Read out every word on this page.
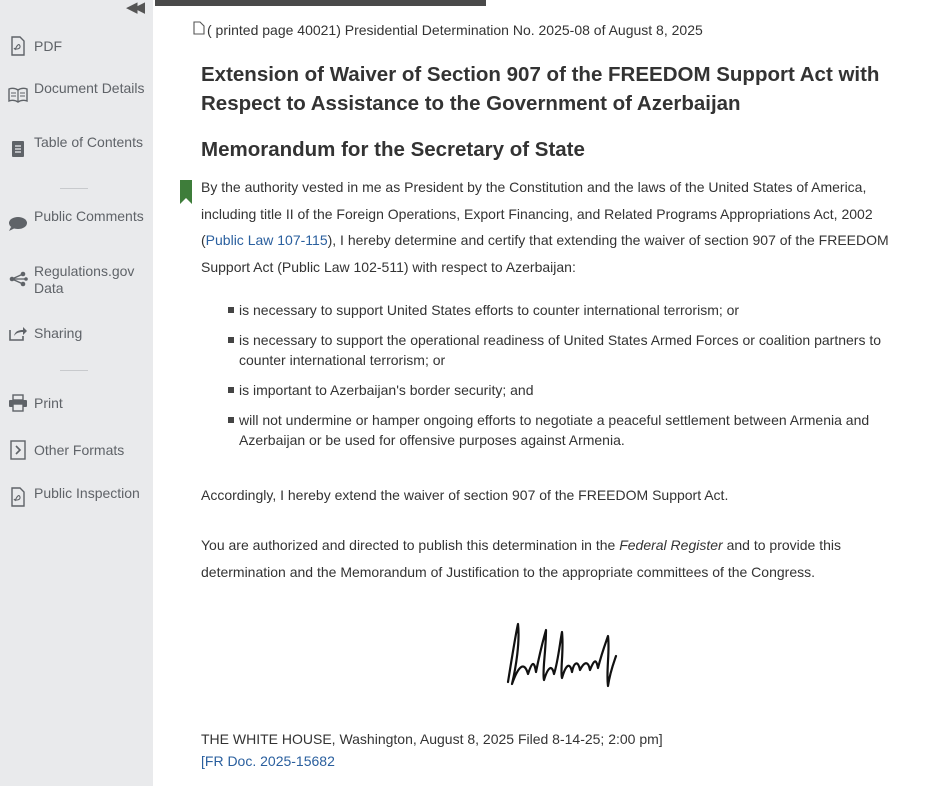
◀◀
PDF
Document Details
Table of Contents
Public Comments
Regulations.gov Data
Sharing
Print
Other Formats
Public Inspection
(⁣ printed page 40021)
Presidential Determination No. 2025-08 of August 8, 2025
Extension of Waiver of Section 907 of the FREEDOM Support Act with Respect to Assistance to the Government of Azerbaijan
Memorandum for the Secretary of State

By the authority vested in me as President by the Constitution and the laws of the United States of America, including title II of the Foreign Operations, Export Financing, and Related Programs Appropriations Act, 2002 (Public Law 107-115), I hereby determine and certify that extending the waiver of section 907 of the FREEDOM Support Act (Public Law 102-511) with respect to Azerbaijan:

is necessary to support United States efforts to counter international terrorism; or
is necessary to support the operational readiness of United States Armed Forces or coalition partners to counter international terrorism; or
is important to Azerbaijan's border security; and
will not undermine or hamper ongoing efforts to negotiate a peaceful settlement between Armenia and Azerbaijan or be used for offensive purposes against Armenia.

Accordingly, I hereby extend the waiver of section 907 of the FREEDOM Support Act.

You are authorized and directed to publish this determination in the Federal Register and to provide this determination and the Memorandum of Justification to the appropriate committees of the Congress.

THE WHITE HOUSE, Washington, August 8, 2025 Filed 8-14-25; 2:00 pm]
[FR Doc. 2025-15682
